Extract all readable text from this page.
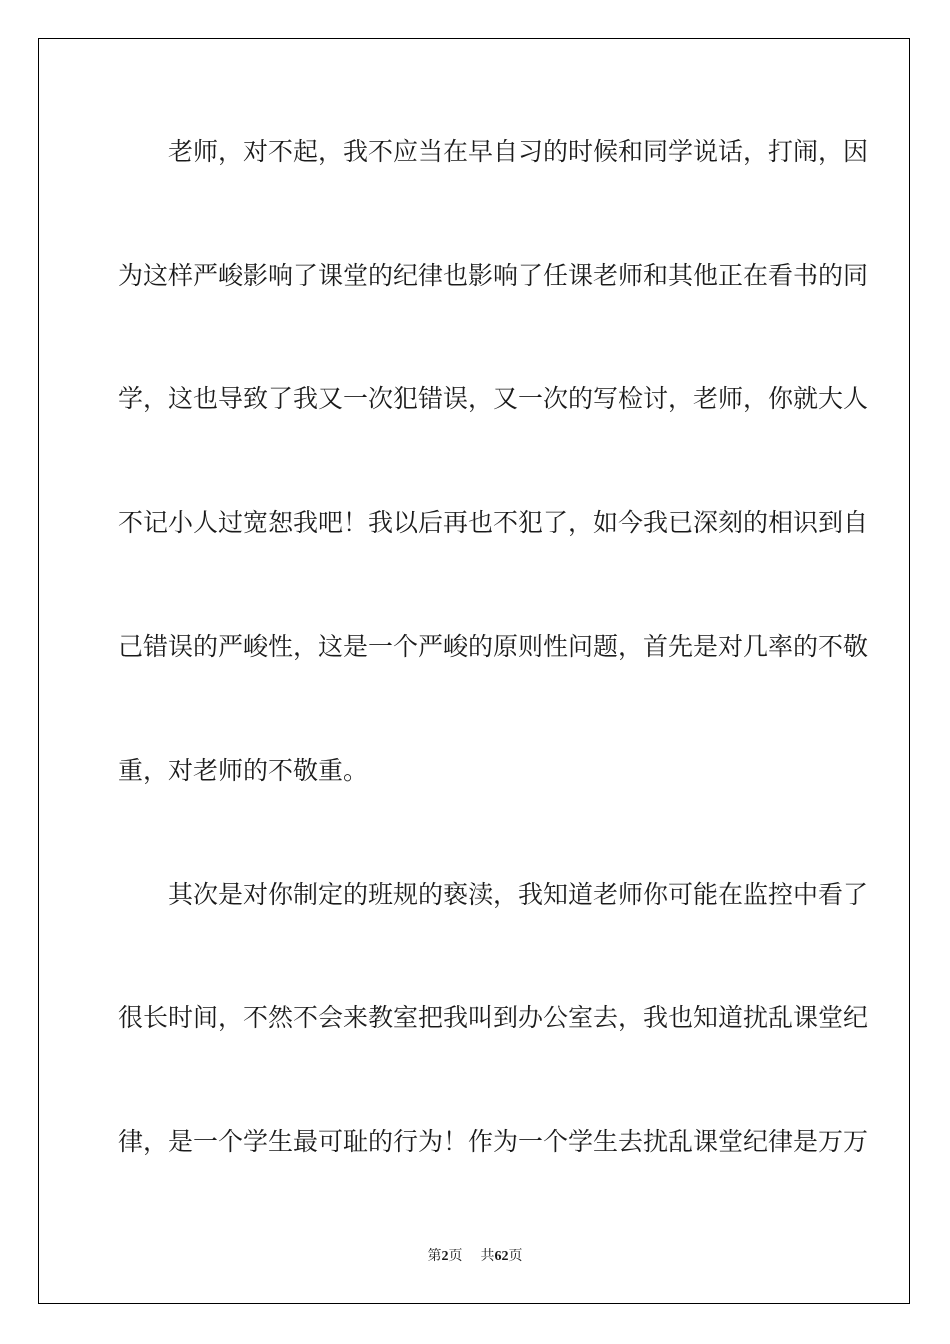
老师，对不起，我不应当在早自习的时候和同学说话，打闹，因
为这样严峻影响了课堂的纪律也影响了任课老师和其他正在看书的同
学，这也导致了我又一次犯错误，又一次的写检讨，老师，你就大人
不记小人过宽恕我吧！我以后再也不犯了，如今我已深刻的相识到自
己错误的严峻性，这是一个严峻的原则性问题，首先是对几率的不敬
重，对老师的不敬重。
其次是对你制定的班规的亵渎，我知道老师你可能在监控中看了
很长时间，不然不会来教室把我叫到办公室去，我也知道扰乱课堂纪
律，是一个学生最可耻的行为！作为一个学生去扰乱课堂纪律是万万
第2页 共62页
